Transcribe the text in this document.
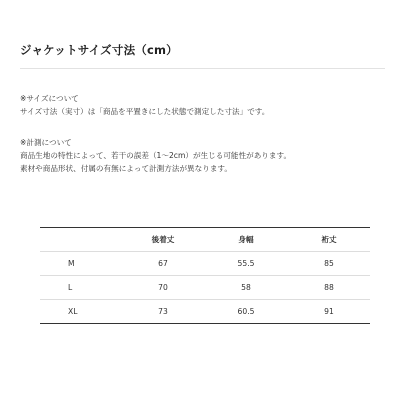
ジャケットサイズ寸法（cm）

※サイズについて

サイズ寸法（実寸）は「商品を平置きにした状態で測定した寸法」です。

※計測について

商品生地の特性によって、若干の誤差（1〜2cm）が生じる可能性があります。

素材や商品形状、付属の有無によって計測方法が異なります。

	後着丈	身幅	裄丈
M	67	55.5	85
L	70	58	88
XL	73	60.5	91
